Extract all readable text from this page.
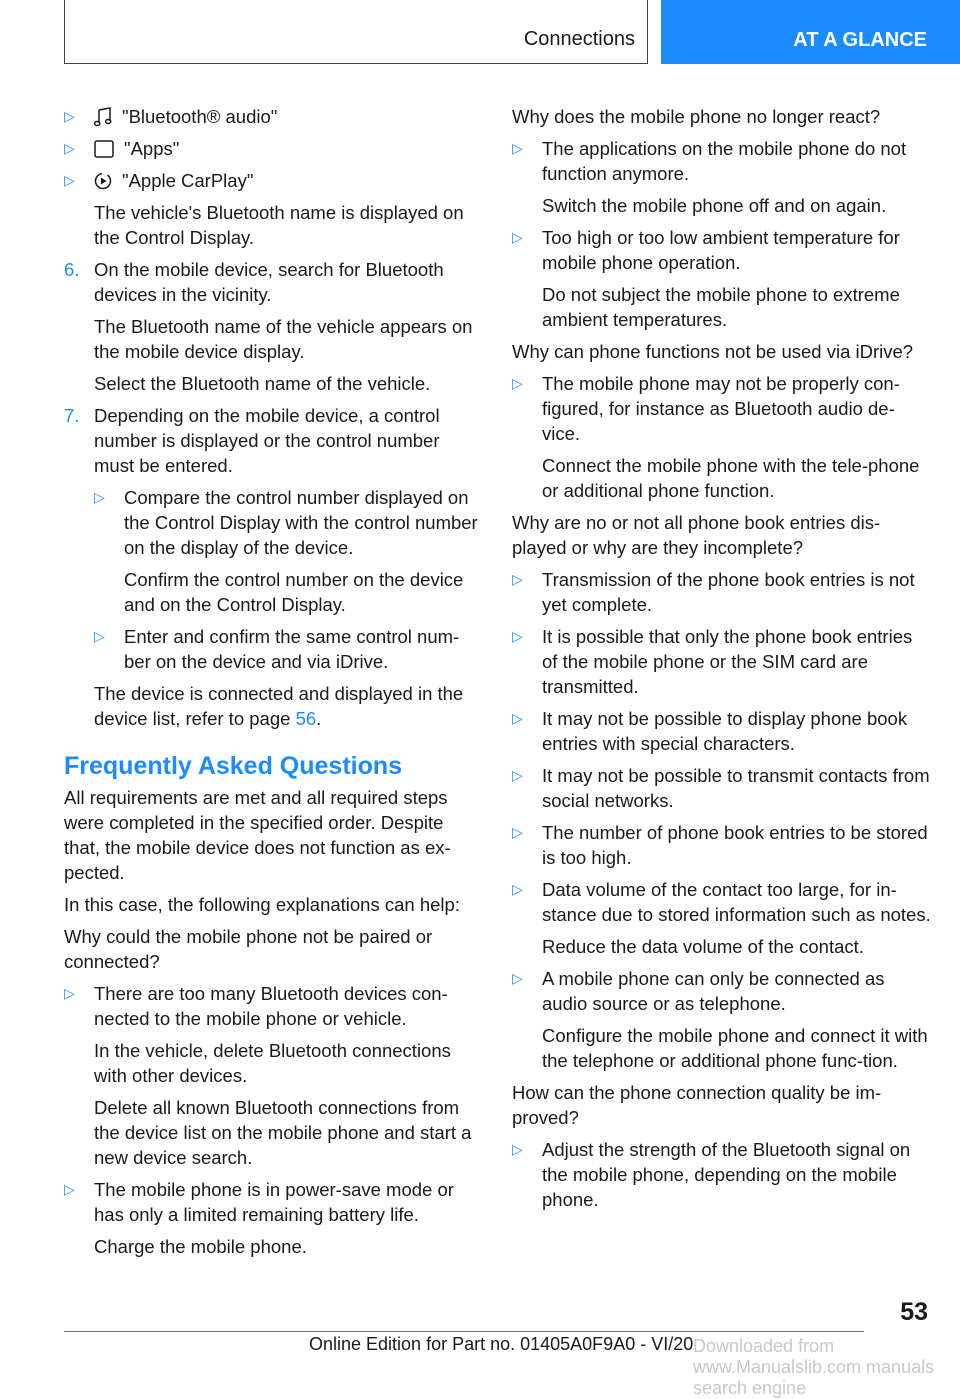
Connections	AT A GLANCE
▷	"Bluetooth® audio"
▷	"Apps"
▷	"Apple CarPlay"

The vehicle's Bluetooth name is displayed on the Control Display.

6. On the mobile device, search for Bluetooth devices in the vicinity.

The Bluetooth name of the vehicle appears on the mobile device display.

Select the Bluetooth name of the vehicle.

7. Depending on the mobile device, a control number is displayed or the control number must be entered.

▷ Compare the control number displayed on the Control Display with the control number on the display of the device.

Confirm the control number on the device and on the Control Display.

▷ Enter and confirm the same control num-ber on the device and via iDrive.

The device is connected and displayed in the device list, refer to page 56.

Frequently Asked Questions

All requirements are met and all required steps were completed in the specified order. Despite that, the mobile device does not function as ex-pected.

In this case, the following explanations can help:

Why could the mobile phone not be paired or connected?

▷ There are too many Bluetooth devices con-nected to the mobile phone or vehicle.

In the vehicle, delete Bluetooth connections with other devices.

Delete all known Bluetooth connections from the device list on the mobile phone and start a new device search.

▷ The mobile phone is in power-save mode or has only a limited remaining battery life.

Charge the mobile phone.

Why does the mobile phone no longer react?

▷ The applications on the mobile phone do not function anymore.

Switch the mobile phone off and on again.

▷ Too high or too low ambient temperature for mobile phone operation.

Do not subject the mobile phone to extreme ambient temperatures.

Why can phone functions not be used via iDrive?

▷ The mobile phone may not be properly con-figured, for instance as Bluetooth audio de-vice.

Connect the mobile phone with the tele-phone or additional phone function.

Why are no or not all phone book entries dis-played or why are they incomplete?

▷ Transmission of the phone book entries is not yet complete.

▷ It is possible that only the phone book entries of the mobile phone or the SIM card are transmitted.

▷ It may not be possible to display phone book entries with special characters.

▷ It may not be possible to transmit contacts from social networks.

▷ The number of phone book entries to be stored is too high.

▷ Data volume of the contact too large, for in-stance due to stored information such as notes.

Reduce the data volume of the contact.

▷ A mobile phone can only be connected as audio source or as telephone.

Configure the mobile phone and connect it with the telephone or additional phone func-tion.

How can the phone connection quality be im-proved?

▷ Adjust the strength of the Bluetooth signal on the mobile phone, depending on the mobile phone.

53
Online Edition for Part no. 01405A0F9A0 - VI/20 Downloaded from www.Manualslib.com manuals search engine
